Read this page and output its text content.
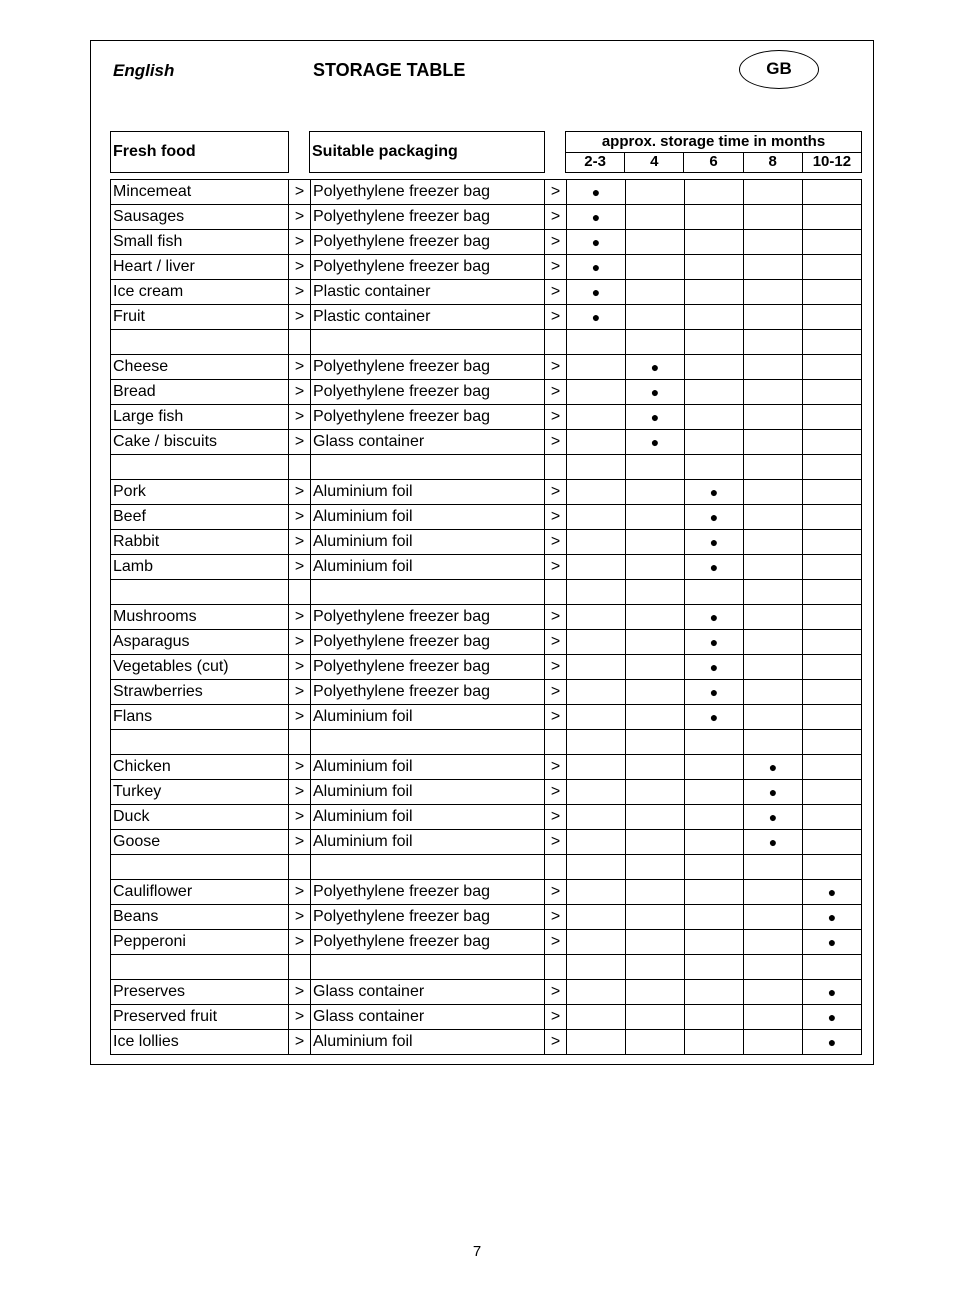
English	STORAGE TABLE	GB
Fresh food	Suitable packaging
approx. storage time in months
2-3	4	6	8	10-12
Mincemeat	>	Polyethylene freezer bag	>	●				
Sausages	>	Polyethylene freezer bag	>	●				
Small fish	>	Polyethylene freezer bag	>	●				
Heart / liver	>	Polyethylene freezer bag	>	●				
Ice cream	>	Plastic container	>	●				
Fruit	>	Plastic container	>	●				

Cheese	>	Polyethylene freezer bag	>		●			
Bread	>	Polyethylene freezer bag	>		●			
Large fish	>	Polyethylene freezer bag	>		●			
Cake / biscuits	>	Glass container	>		●			

Pork	>	Aluminium foil	>			●		
Beef	>	Aluminium foil	>			●		
Rabbit	>	Aluminium foil	>			●		
Lamb	>	Aluminium foil	>			●		

Mushrooms	>	Polyethylene freezer bag	>			●		
Asparagus	>	Polyethylene freezer bag	>			●		
Vegetables (cut)	>	Polyethylene freezer bag	>			●		
Strawberries	>	Polyethylene freezer bag	>			●		
Flans	>	Aluminium foil	>			●		

Chicken	>	Aluminium foil	>				●	
Turkey	>	Aluminium foil	>				●	
Duck	>	Aluminium foil	>				●	
Goose	>	Aluminium foil	>				●	

Cauliflower	>	Polyethylene freezer bag	>					●
Beans	>	Polyethylene freezer bag	>					●
Pepperoni	>	Polyethylene freezer bag	>					●

Preserves	>	Glass container	>					●
Preserved fruit	>	Glass container	>					●
Ice lollies	>	Aluminium foil	>					●
7
